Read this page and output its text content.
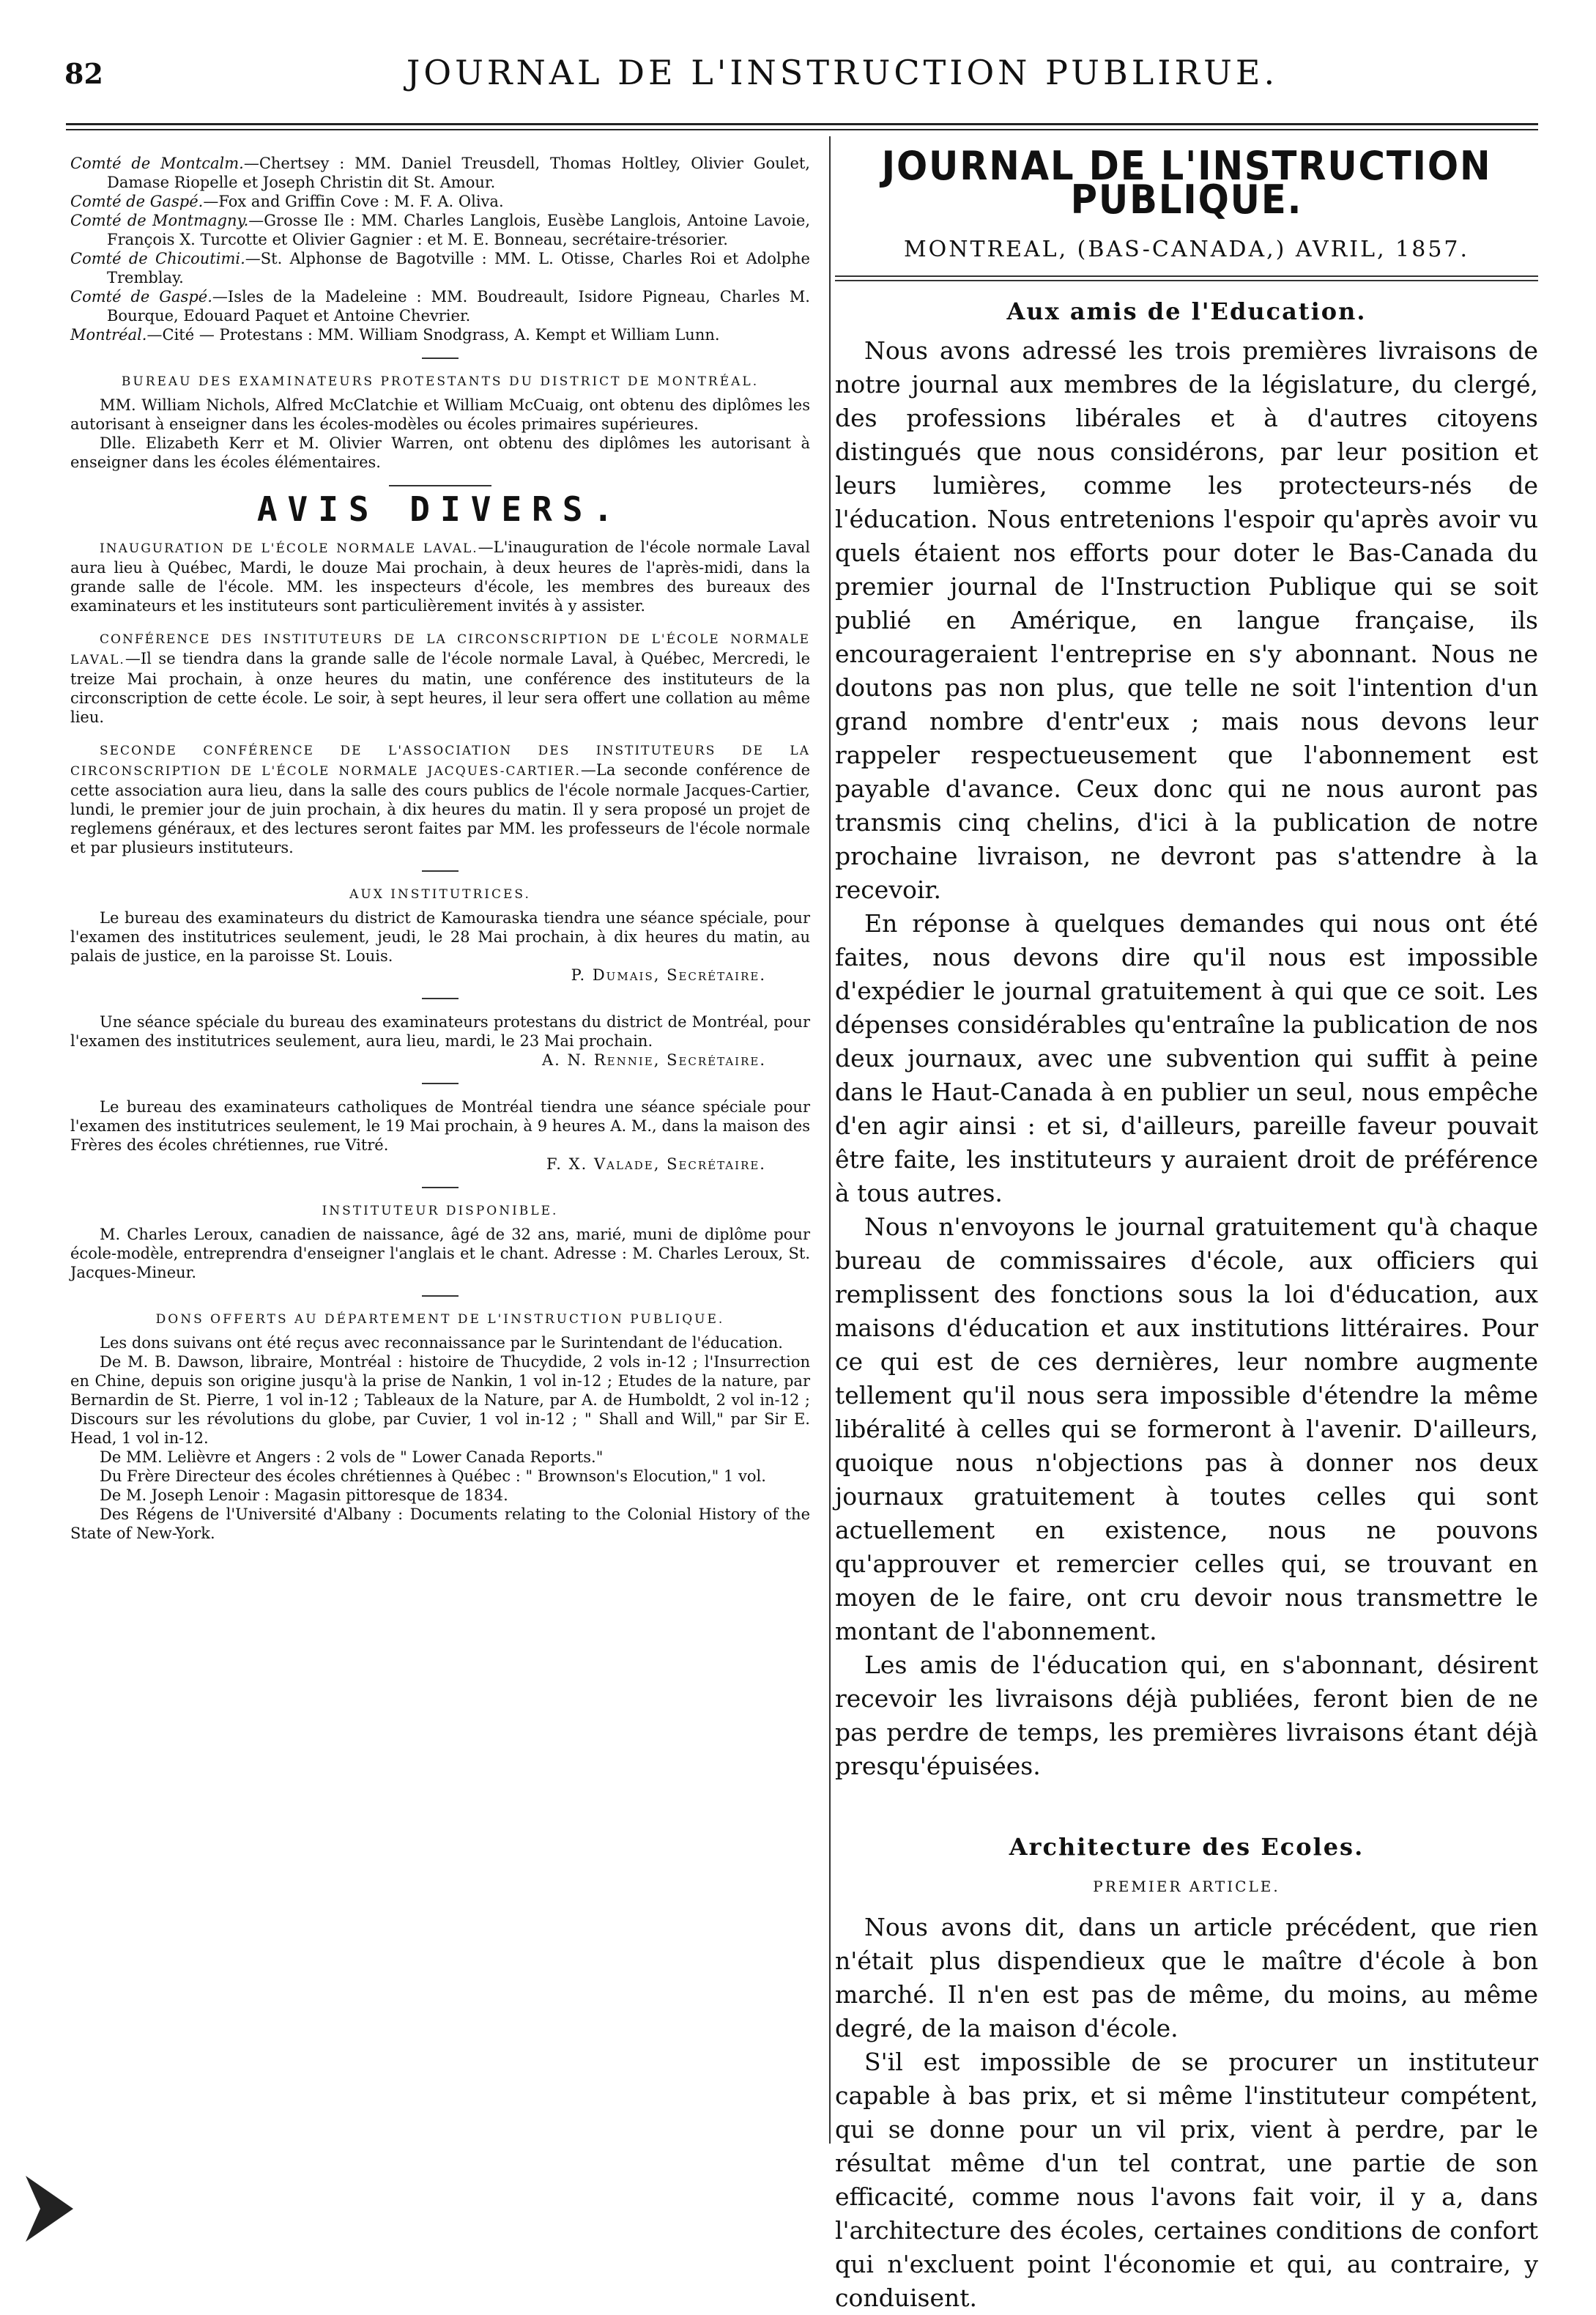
82	JOURNAL DE L'INSTRUCTION PUBLIRUE.

Comté de Montcalm.—Chertsey : MM. Daniel Treusdell, Thomas Holtley, Olivier Goulet, Damase Riopelle et Joseph Christin dit St. Amour.

Comté de Gaspé.—Fox and Griffin Cove : M. F. A. Oliva.

Comté de Montmagny.—Grosse Ile : MM. Charles Langlois, Eusèbe Langlois, Antoine Lavoie, François X. Turcotte et Olivier Gagnier : et M. E. Bonneau, secrétaire-trésorier.

Comté de Chicoutimi.—St. Alphonse de Bagotville : MM. L. Otisse, Charles Roi et Adolphe Tremblay.

Comté de Gaspé.—Isles de la Madeleine : MM. Boudreault, Isidore Pigneau, Charles M. Bourque, Edouard Paquet et Antoine Chevrier.

Montréal.—Cité — Protestans : MM. William Snodgrass, A. Kempt et William Lunn.

BUREAU DES EXAMINATEURS PROTESTANTS DU DISTRICT DE MONTRÉAL.

MM. William Nichols, Alfred McClatchie et William McCuaig, ont obtenu des diplômes les autorisant à enseigner dans les écoles-modèles ou écoles primaires supérieures.

Dlle. Elizabeth Kerr et M. Olivier Warren, ont obtenu des diplômes les autorisant à enseigner dans les écoles élémentaires.

AVIS DIVERS.

INAUGURATION DE L'ÉCOLE NORMALE LAVAL.—L'inauguration de l'école normale Laval aura lieu à Québec, Mardi, le douze Mai prochain, à deux heures de l'après-midi, dans la grande salle de l'école. MM. les inspecteurs d'école, les membres des bureaux des examinateurs et les instituteurs sont particulièrement invités à y assister.

CONFÉRENCE DES INSTITUTEURS DE LA CIRCONSCRIPTION DE L'ÉCOLE NORMALE LAVAL.—Il se tiendra dans la grande salle de l'école normale Laval, à Québec, Mercredi, le treize Mai prochain, à onze heures du matin, une conférence des instituteurs de la circonscription de cette école. Le soir, à sept heures, il leur sera offert une collation au même lieu.

SECONDE CONFÉRENCE DE L'ASSOCIATION DES INSTITUTEURS DE LA CIRCONSCRIPTION DE L'ÉCOLE NORMALE JACQUES-CARTIER.—La seconde conférence de cette association aura lieu, dans la salle des cours publics de l'école normale Jacques-Cartier, lundi, le premier jour de juin prochain, à dix heures du matin. Il y sera proposé un projet de reglemens généraux, et des lectures seront faites par MM. les professeurs de l'école normale et par plusieurs instituteurs.

AUX INSTITUTRICES.

Le bureau des examinateurs du district de Kamouraska tiendra une séance spéciale, pour l'examen des institutrices seulement, jeudi, le 28 Mai prochain, à dix heures du matin, au palais de justice, en la paroisse St. Louis.

P. Dumais, Secrétaire.

Une séance spéciale du bureau des examinateurs protestans du district de Montréal, pour l'examen des institutrices seulement, aura lieu, mardi, le 23 Mai prochain.

A. N. Rennie, Secrétaire.

Le bureau des examinateurs catholiques de Montréal tiendra une séance spéciale pour l'examen des institutrices seulement, le 19 Mai prochain, à 9 heures A. M., dans la maison des Frères des écoles chrétiennes, rue Vitré.

F. X. Valade, Secrétaire.

INSTITUTEUR DISPONIBLE.

M. Charles Leroux, canadien de naissance, âgé de 32 ans, marié, muni de diplôme pour école-modèle, entreprendra d'enseigner l'anglais et le chant. Adresse : M. Charles Leroux, St. Jacques-Mineur.

DONS OFFERTS AU DÉPARTEMENT DE L'INSTRUCTION PUBLIQUE.

Les dons suivans ont été reçus avec reconnaissance par le Surintendant de l'éducation.

De M. B. Dawson, libraire, Montréal : histoire de Thucydide, 2 vols in-12 ; l'Insurrection en Chine, depuis son origine jusqu'à la prise de Nankin, 1 vol in-12 ; Etudes de la nature, par Bernardin de St. Pierre, 1 vol in-12 ; Tableaux de la Nature, par A. de Humboldt, 2 vol in-12 ; Discours sur les révolutions du globe, par Cuvier, 1 vol in-12 ; " Shall and Will," par Sir E. Head, 1 vol in-12.

De MM. Lelièvre et Angers : 2 vols de " Lower Canada Reports."

Du Frère Directeur des écoles chrétiennes à Québec : " Brownson's Elocution," 1 vol.

De M. Joseph Lenoir : Magasin pittoresque de 1834.

Des Régens de l'Université d'Albany : Documents relating to the Colonial History of the State of New-York.

JOURNAL DE L'INSTRUCTION PUBLIQUE.
MONTREAL, (BAS-CANADA,) AVRIL, 1857.
Aux amis de l'Education.

Nous avons adressé les trois premières livraisons de notre journal aux membres de la législature, du clergé, des professions libérales et à d'autres citoyens distingués que nous considérons, par leur position et leurs lumières, comme les protecteurs-nés de l'éducation. Nous entretenions l'espoir qu'après avoir vu quels étaient nos efforts pour doter le Bas-Canada du premier journal de l'Instruction Publique qui se soit publié en Amérique, en langue française, ils encourageraient l'entreprise en s'y abonnant. Nous ne doutons pas non plus, que telle ne soit l'intention d'un grand nombre d'entr'eux ; mais nous devons leur rappeler respectueusement que l'abonnement est payable d'avance. Ceux donc qui ne nous auront pas transmis cinq chelins, d'ici à la publication de notre prochaine livraison, ne devront pas s'attendre à la recevoir.

En réponse à quelques demandes qui nous ont été faites, nous devons dire qu'il nous est impossible d'expédier le journal gratuitement à qui que ce soit. Les dépenses considérables qu'entraîne la publication de nos deux journaux, avec une subvention qui suffit à peine dans le Haut-Canada à en publier un seul, nous empêche d'en agir ainsi : et si, d'ailleurs, pareille faveur pouvait être faite, les instituteurs y auraient droit de préférence à tous autres.

Nous n'envoyons le journal gratuitement qu'à chaque bureau de commissaires d'école, aux officiers qui remplissent des fonctions sous la loi d'éducation, aux maisons d'éducation et aux institutions littéraires. Pour ce qui est de ces dernières, leur nombre augmente tellement qu'il nous sera impossible d'étendre la même libéralité à celles qui se formeront à l'avenir. D'ailleurs, quoique nous n'objections pas à donner nos deux journaux gratuitement à toutes celles qui sont actuellement en existence, nous ne pouvons qu'approuver et remercier celles qui, se trouvant en moyen de le faire, ont cru devoir nous transmettre le montant de l'abonnement.

Les amis de l'éducation qui, en s'abonnant, désirent recevoir les livraisons déjà publiées, feront bien de ne pas perdre de temps, les premières livraisons étant déjà presqu'épuisées.

Architecture des Ecoles.
PREMIER ARTICLE.

Nous avons dit, dans un article précédent, que rien n'était plus dispendieux que le maître d'école à bon marché. Il n'en est pas de même, du moins, au même degré, de la maison d'école.

S'il est impossible de se procurer un instituteur capable à bas prix, et si même l'instituteur compétent, qui se donne pour un vil prix, vient à perdre, par le résultat même d'un tel contrat, une partie de son efficacité, comme nous l'avons fait voir, il y a, dans l'architecture des écoles, certaines conditions de confort qui n'excluent point l'économie et qui, au contraire, y conduisent.
